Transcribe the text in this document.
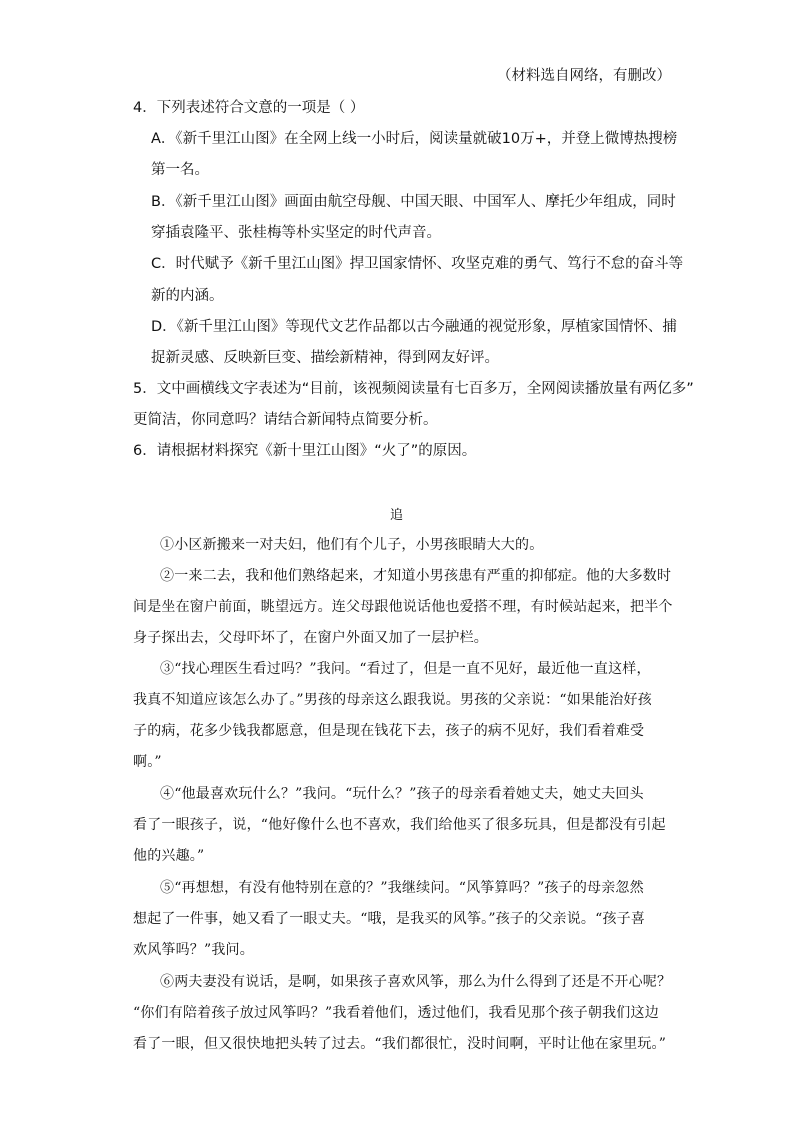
（材料选自网络，有删改）
4．下列表述符合文意的一项是（ ）
A．《新千里江山图》在全网上线一小时后，阅读量就破10万+，并登上微博热搜榜
第一名。
B．《新千里江山图》画面由航空母舰、中国天眼、中国军人、摩托少年组成，同时
穿插袁隆平、张桂梅等朴实坚定的时代声音。
C．时代赋予《新千里江山图》捍卫国家情怀、攻坚克难的勇气、笃行不怠的奋斗等
新的内涵。
D．《新千里江山图》等现代文艺作品都以古今融通的视觉形象，厚植家国情怀、捕
捉新灵感、反映新巨变、描绘新精神，得到网友好评。
5．文中画横线文字表述为“目前，该视频阅读量有七百多万，全网阅读播放量有两亿多”
更简洁，你同意吗？请结合新闻特点简要分析。
6．请根据材料探究《新十里江山图》“火了”的原因。
追
①小区新搬来一对夫妇，他们有个儿子，小男孩眼睛大大的。
②一来二去，我和他们熟络起来，才知道小男孩患有严重的抑郁症。他的大多数时
间是坐在窗户前面，眺望远方。连父母跟他说话他也爱搭不理，有时候站起来，把半个
身子探出去，父母吓坏了，在窗户外面又加了一层护栏。
③“找心理医生看过吗？”我问。“看过了，但是一直不见好，最近他一直这样，
我真不知道应该怎么办了。”男孩的母亲这么跟我说。男孩的父亲说：“如果能治好孩
子的病，花多少钱我都愿意，但是现在钱花下去，孩子的病不见好，我们看着难受
啊。”
④“他最喜欢玩什么？”我问。“玩什么？”孩子的母亲看着她丈夫，她丈夫回头
看了一眼孩子，说，“他好像什么也不喜欢，我们给他买了很多玩具，但是都没有引起
他的兴趣。”
⑤“再想想，有没有他特别在意的？”我继续问。“风筝算吗？”孩子的母亲忽然
想起了一件事，她又看了一眼丈夫。“哦，是我买的风筝。”孩子的父亲说。“孩子喜
欢风筝吗？”我问。
⑥两夫妻没有说话，是啊，如果孩子喜欢风筝，那么为什么得到了还是不开心呢？
“你们有陪着孩子放过风筝吗？”我看着他们，透过他们，我看见那个孩子朝我们这边
看了一眼，但又很快地把头转了过去。“我们都很忙，没时间啊，平时让他在家里玩。”
